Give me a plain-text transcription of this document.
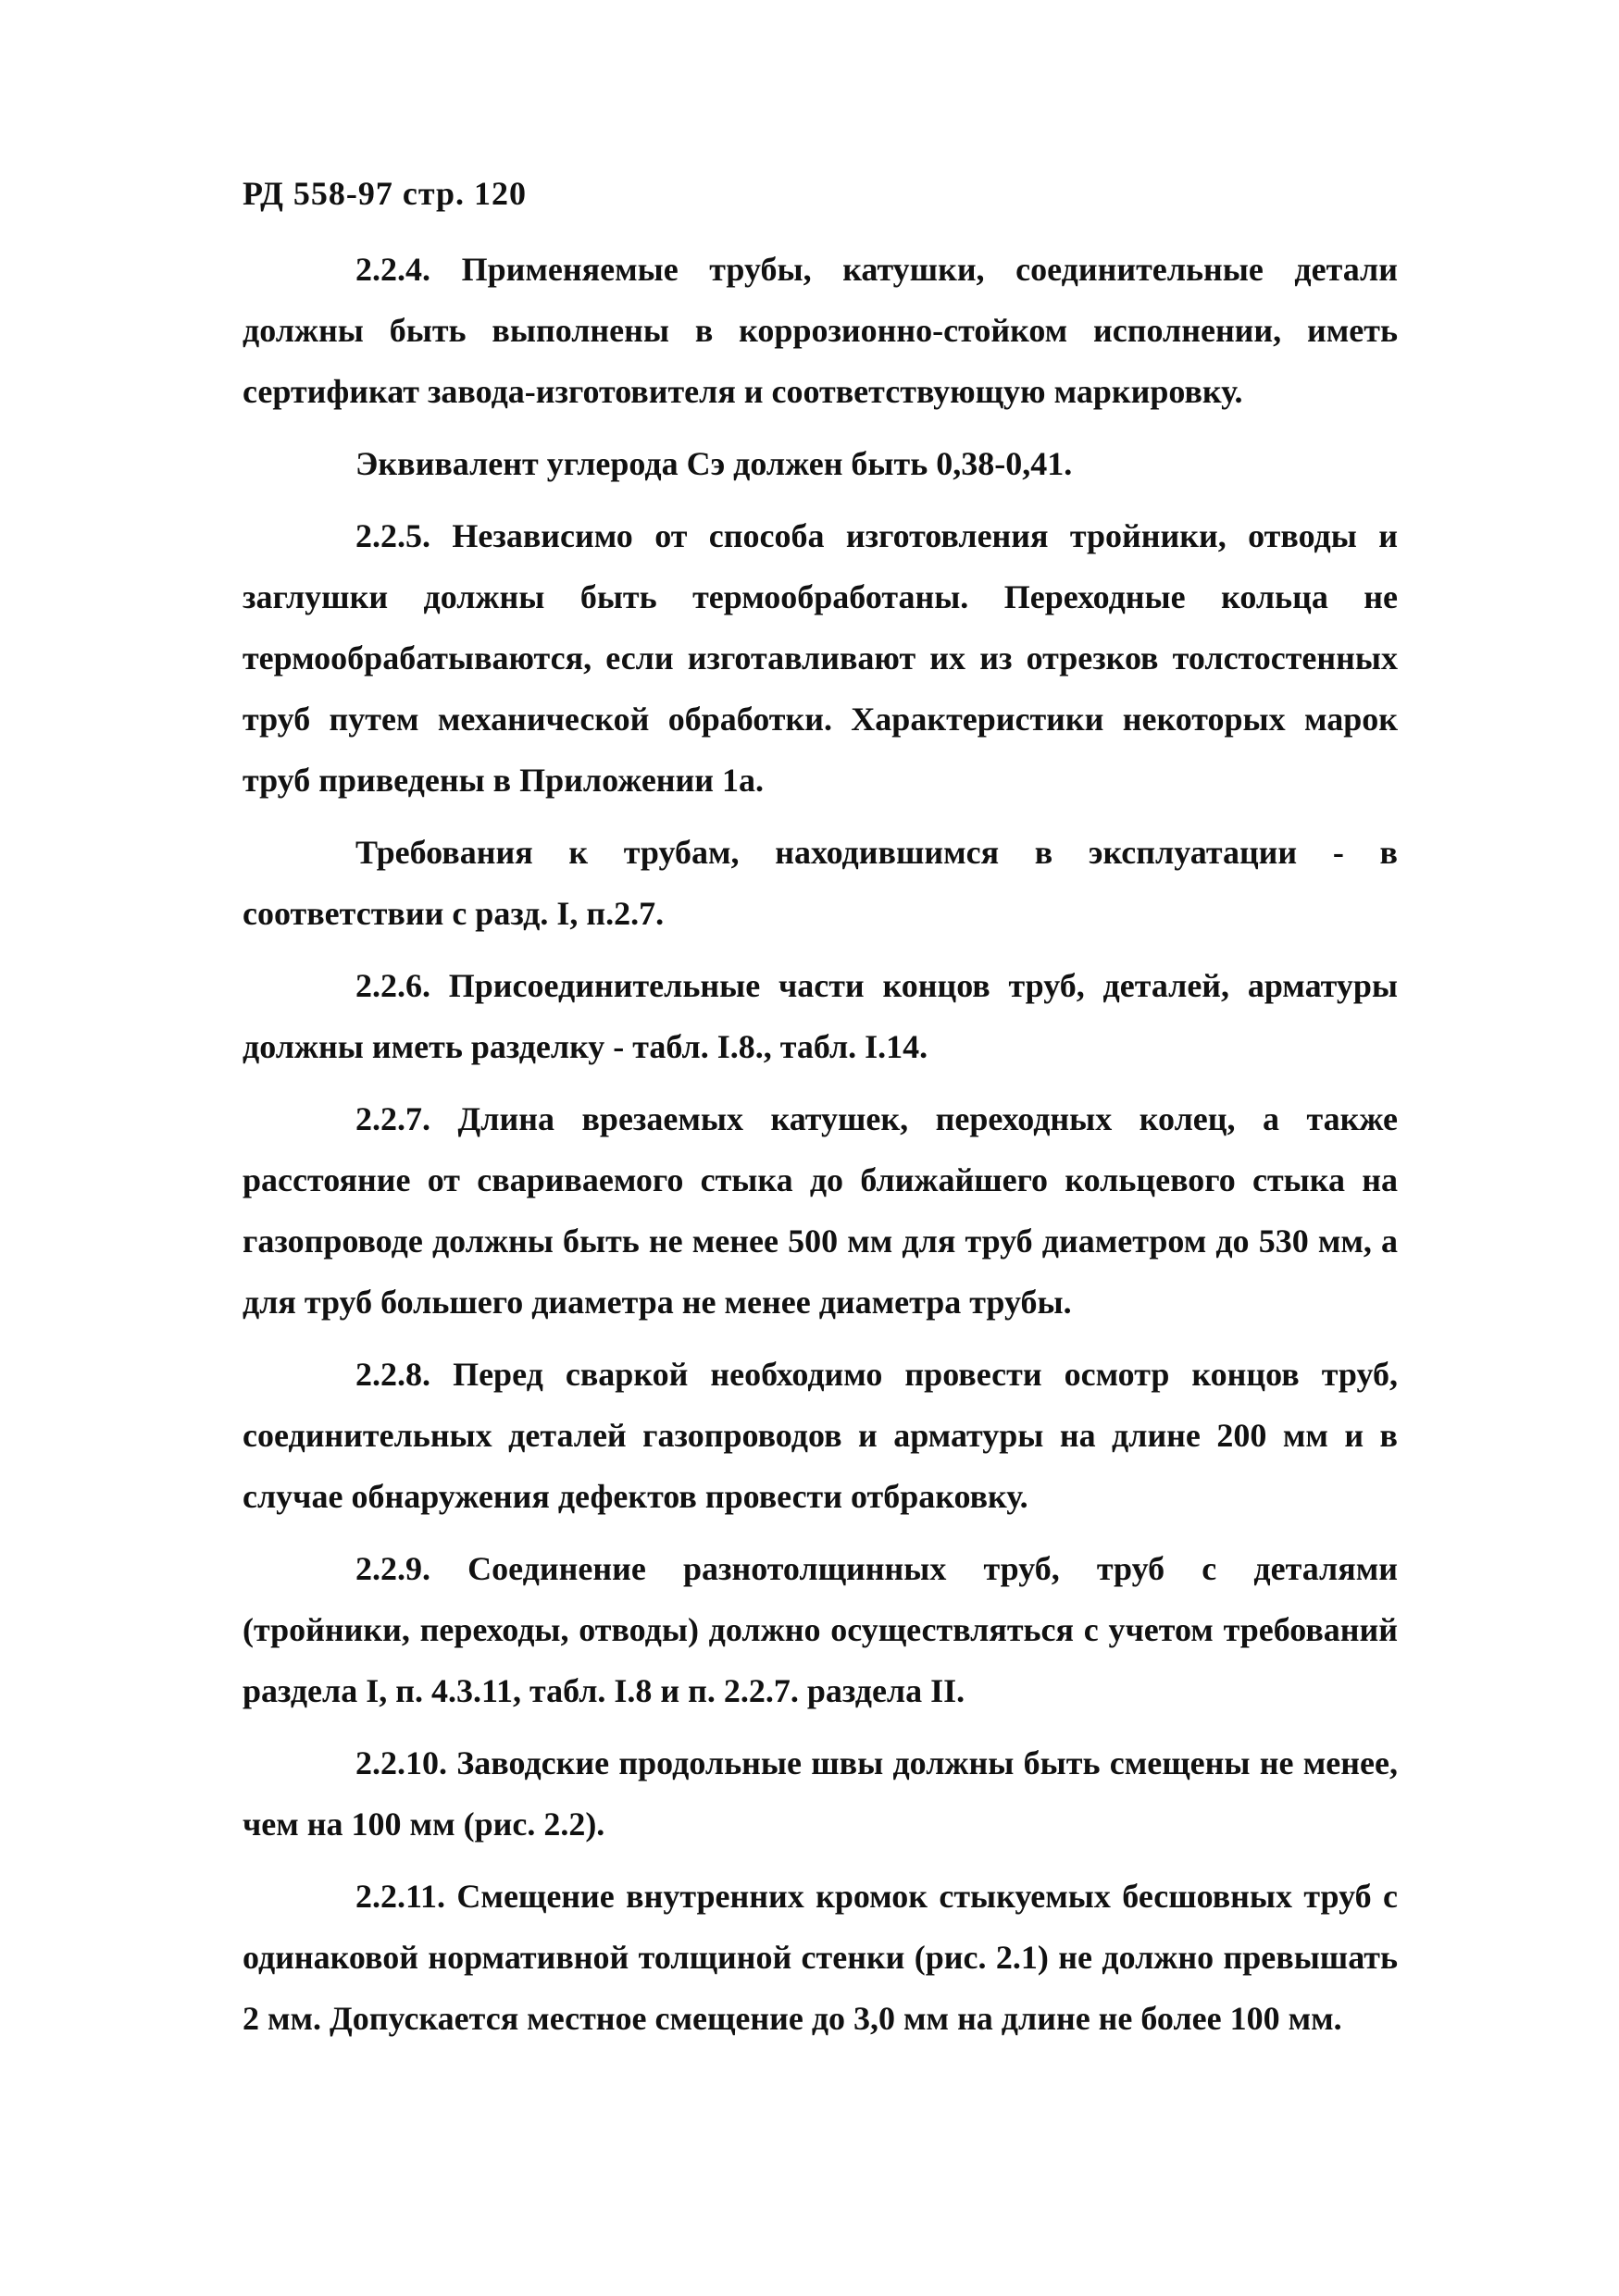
РД 558-97 стр. 120

2.2.4. Применяемые трубы, катушки, соединительные детали должны быть выполнены в коррозионно-стойком исполнении, иметь сертификат завода-изготовителя и соответствующую маркировку.

Эквивалент углерода Cэ должен быть 0,38-0,41.

2.2.5. Независимо от способа изготовления тройники, отводы и заглушки должны быть термообработаны. Переходные кольца не термообрабатываются, если изготавливают их из отрезков толстостенных труб путем механической обработки. Характеристики некоторых марок труб приведены в Приложении 1а.

Требования к трубам, находившимся в эксплуатации - в соответствии с разд. I, п.2.7.

2.2.6. Присоединительные части концов труб, деталей, арматуры должны иметь разделку - табл. I.8., табл. I.14.

2.2.7. Длина врезаемых катушек, переходных колец, а также расстояние от свариваемого стыка до ближайшего кольцевого стыка на газопроводе должны быть не менее 500 мм для труб диаметром до 530 мм, а для труб большего диаметра не менее диаметра трубы.

2.2.8. Перед сваркой необходимо провести осмотр концов труб, соединительных деталей газопроводов и арматуры на длине 200 мм и в случае обнаружения дефектов провести отбраковку.

2.2.9. Соединение разнотолщинных труб, труб с деталями (тройники, переходы, отводы) должно осуществляться с учетом требований раздела I, п. 4.3.11, табл. I.8 и п. 2.2.7. раздела II.

2.2.10. Заводские продольные швы должны быть смещены не менее, чем на 100 мм (рис. 2.2).

2.2.11. Смещение внутренних кромок стыкуемых бесшовных труб с одинаковой нормативной толщиной стенки (рис. 2.1) не должно превышать 2 мм. Допускается местное смещение до 3,0 мм на длине не более 100 мм.
